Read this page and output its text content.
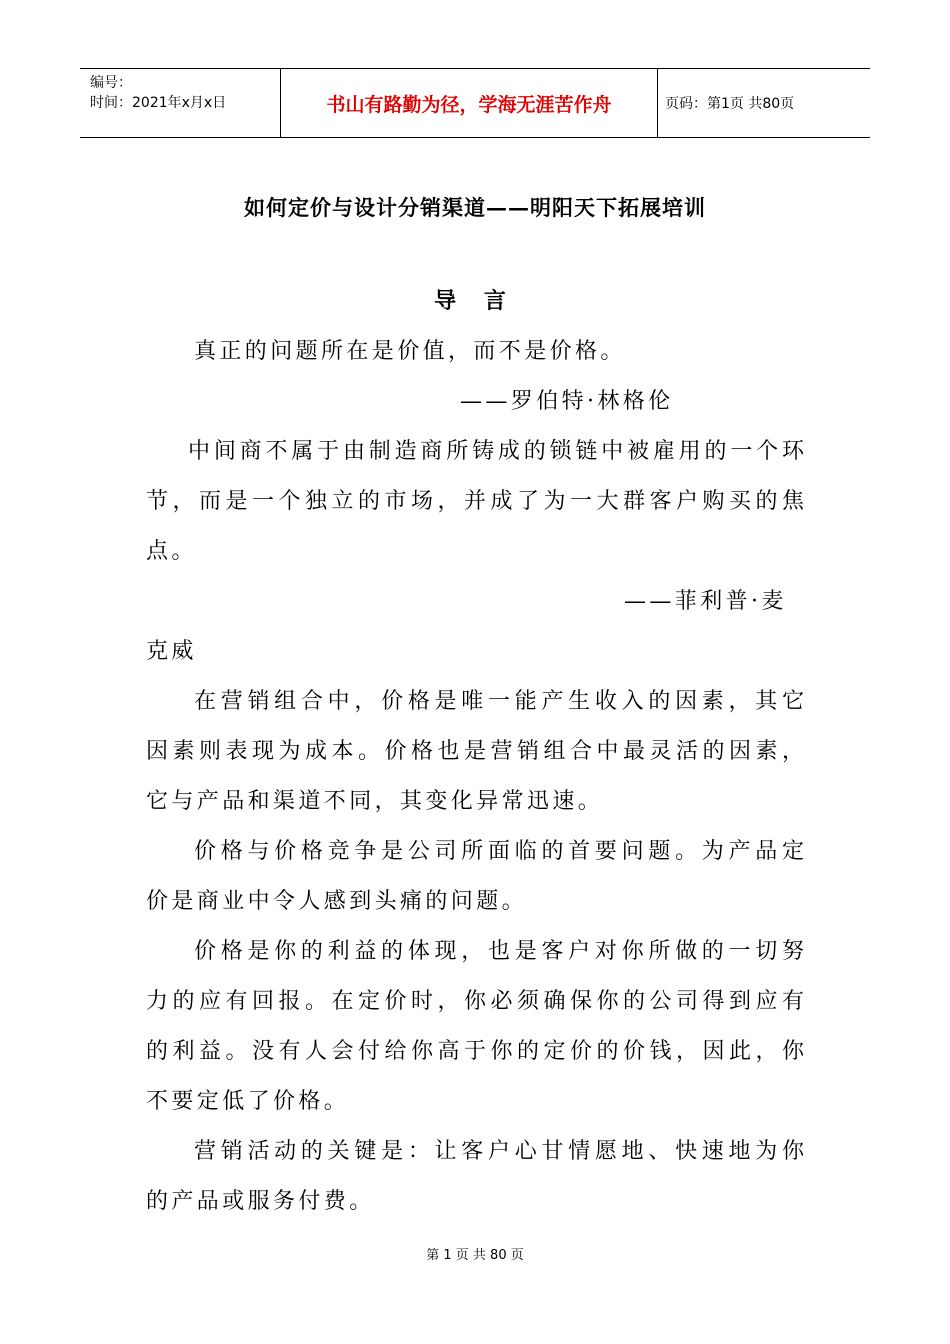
编号：
时间：2021年x月x日	书山有路勤为径，学海无涯苦作舟	页码：第1页 共80页
如何定价与设计分销渠道——明阳天下拓展培训
导 言
真正的问题所在是价值，而不是价格。
——罗伯特·林格伦
中间商不属于由制造商所铸成的锁链中被雇用的一个环
节，而是一个独立的市场，并成了为一大群客户购买的焦
点。
——菲利普·麦
克威
在营销组合中，价格是唯一能产生收入的因素，其它
因素则表现为成本。价格也是营销组合中最灵活的因素，
它与产品和渠道不同，其变化异常迅速。
价格与价格竞争是公司所面临的首要问题。为产品定
价是商业中令人感到头痛的问题。
价格是你的利益的体现，也是客户对你所做的一切努
力的应有回报。在定价时，你必须确保你的公司得到应有
的利益。没有人会付给你高于你的定价的价钱，因此，你
不要定低了价格。
营销活动的关键是：让客户心甘情愿地、快速地为你
的产品或服务付费。
第 1 页 共 80 页
